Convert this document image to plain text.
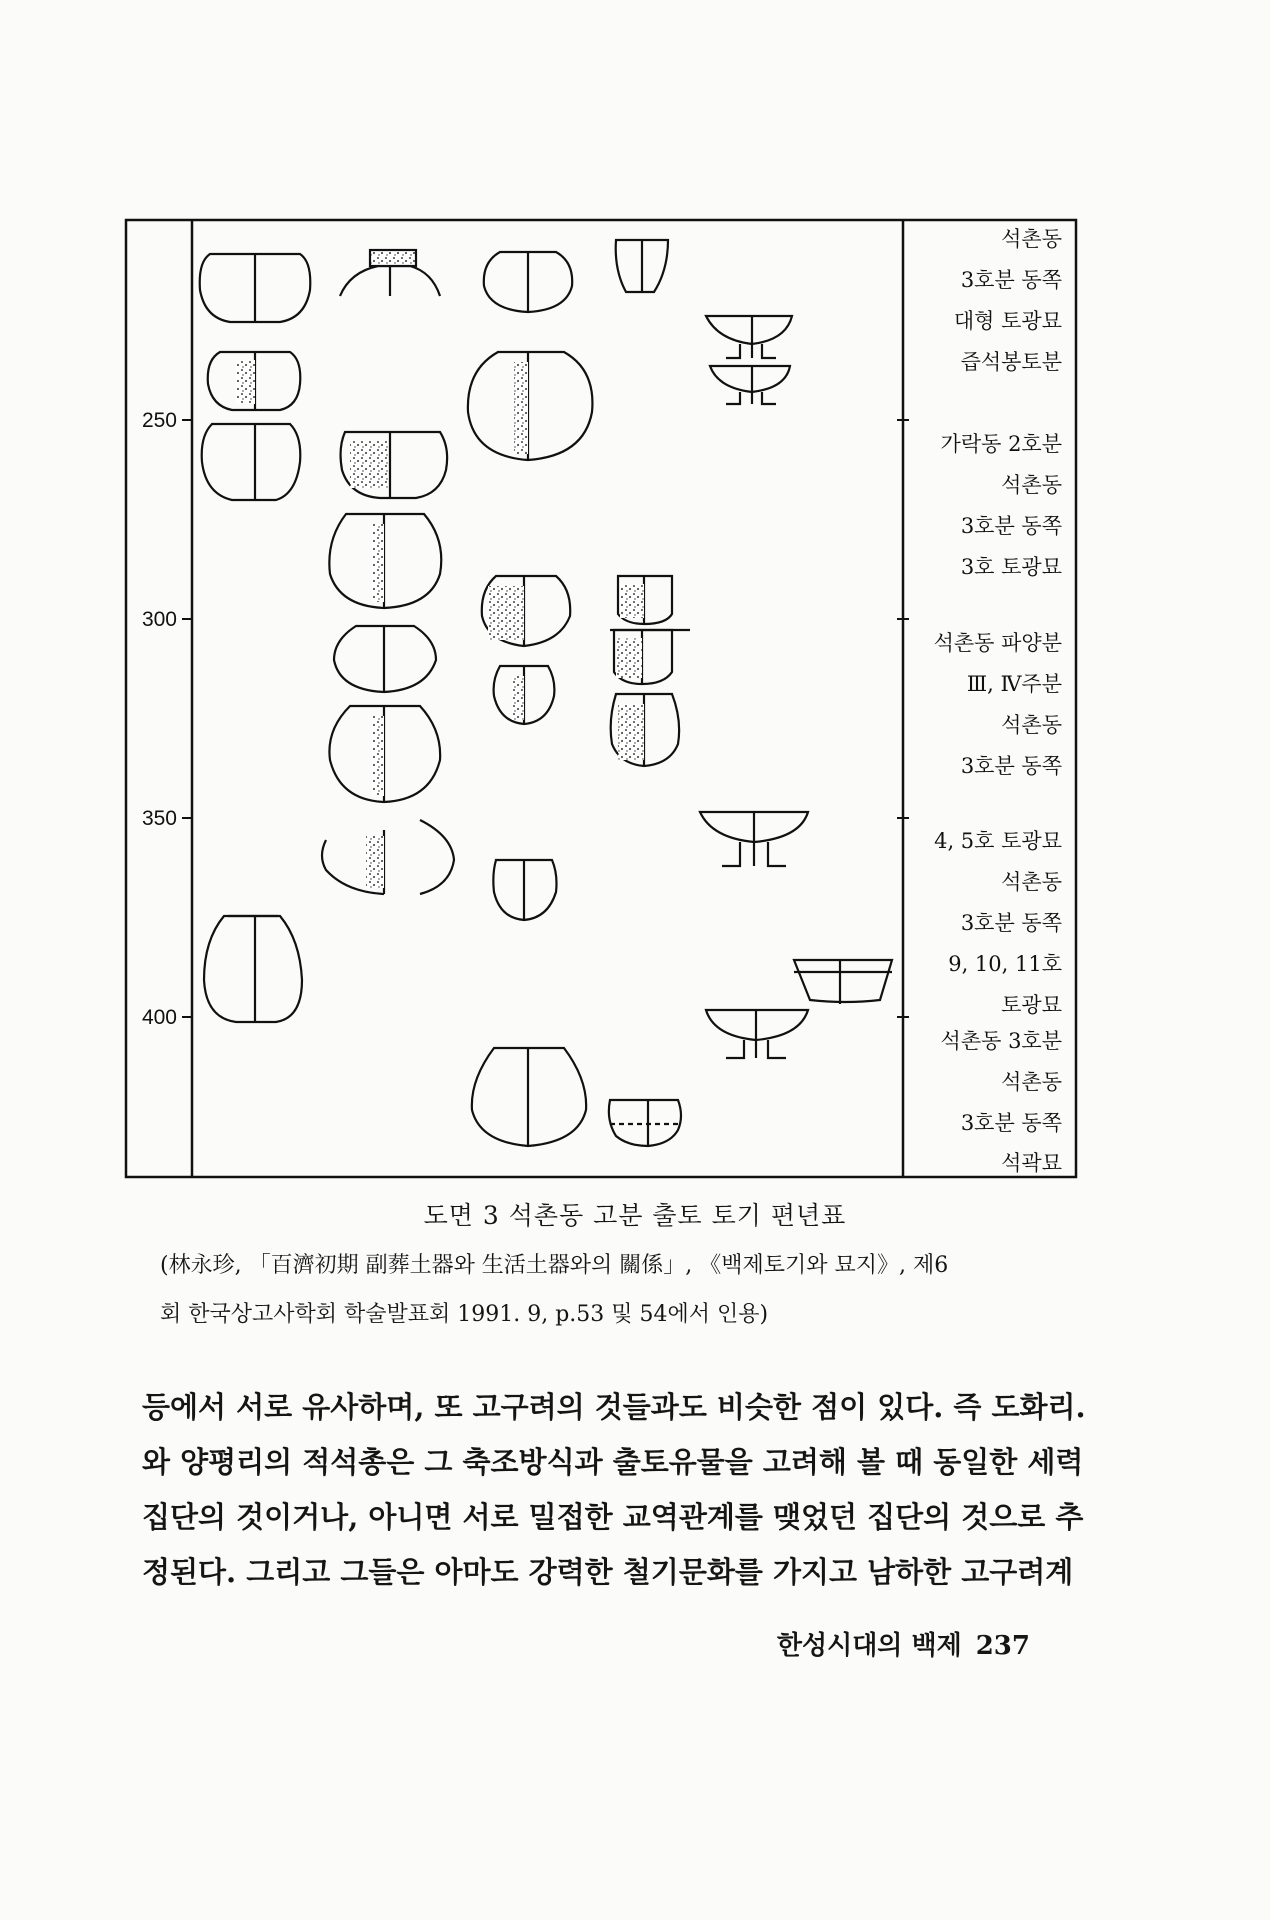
250
300
350
400
석촌동
3호분 동쪽
대형 토광묘
즙석봉토분
가락동 2호분
석촌동
3호분 동쪽
3호 토광묘
석촌동 파양분
Ⅲ, Ⅳ주분
석촌동
3호분 동쪽
4, 5호 토광묘
석촌동
3호분 동쪽
9, 10, 11호
토광묘
석촌동 3호분
석촌동
3호분 동쪽
석곽묘
도면 3 석촌동 고분 출토 토기 편년표
(林永珍, 「百濟初期 副葬土器와 生活土器와의 關係」, 《백제토기와 묘지》, 제6
회 한국상고사학회 학술발표회 1991. 9, p.53 및 54에서 인용)
등에서 서로 유사하며, 또 고구려의 것들과도 비슷한 점이 있다. 즉 도화리.
와 양평리의 적석총은 그 축조방식과 출토유물을 고려해 볼 때 동일한 세력
집단의 것이거나, 아니면 서로 밀접한 교역관계를 맺었던 집단의 것으로 추
정된다. 그리고 그들은 아마도 강력한 철기문화를 가지고 남하한 고구려계
한성시대의 백제 237
